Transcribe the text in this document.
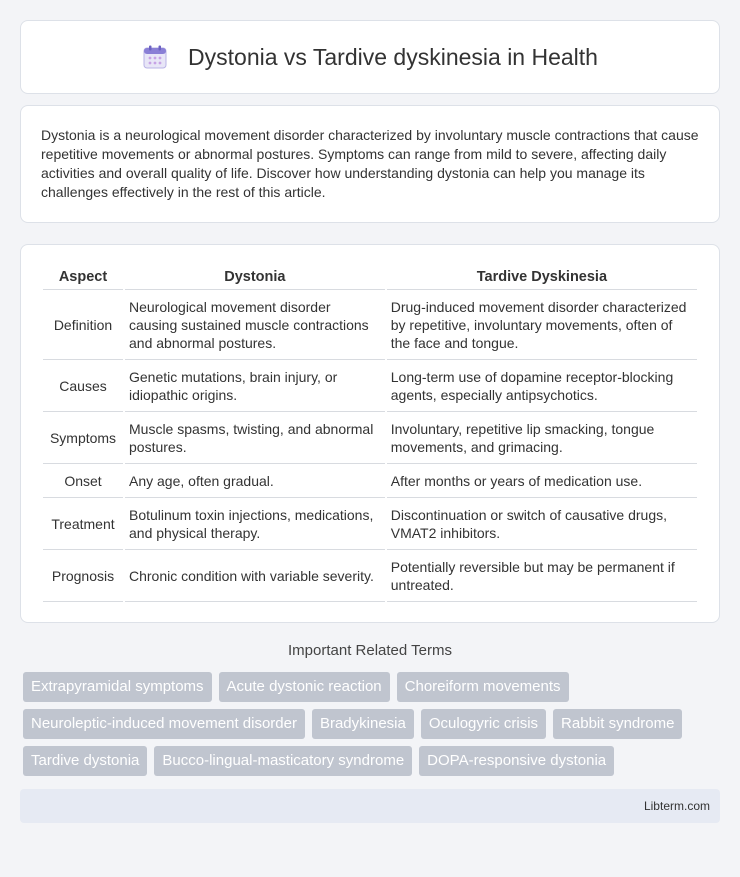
Dystonia vs Tardive dyskinesia in Health

Dystonia is a neurological movement disorder characterized by involuntary muscle contractions that cause repetitive movements or abnormal postures. Symptoms can range from mild to severe, affecting daily activities and overall quality of life. Discover how understanding dystonia can help you manage its challenges effectively in the rest of this article.

Aspect	Dystonia	Tardive Dyskinesia
Definition	Neurological movement disorder causing sustained muscle contractions and abnormal postures.	Drug-induced movement disorder characterized by repetitive, involuntary movements, often of the face and tongue.
Causes	Genetic mutations, brain injury, or idiopathic origins.	Long-term use of dopamine receptor-blocking agents, especially antipsychotics.
Symptoms	Muscle spasms, twisting, and abnormal postures.	Involuntary, repetitive lip smacking, tongue movements, and grimacing.
Onset	Any age, often gradual.	After months or years of medication use.
Treatment	Botulinum toxin injections, medications, and physical therapy.	Discontinuation or switch of causative drugs, VMAT2 inhibitors.
Prognosis	Chronic condition with variable severity.	Potentially reversible but may be permanent if untreated.
Important Related Terms
Extrapyramidal symptoms	Acute dystonic reaction	Choreiform movements
Neuroleptic-induced movement disorder	Bradykinesia	Oculogyric crisis	Rabbit syndrome
Tardive dystonia	Bucco-lingual-masticatory syndrome	DOPA-responsive dystonia
Libterm.com
